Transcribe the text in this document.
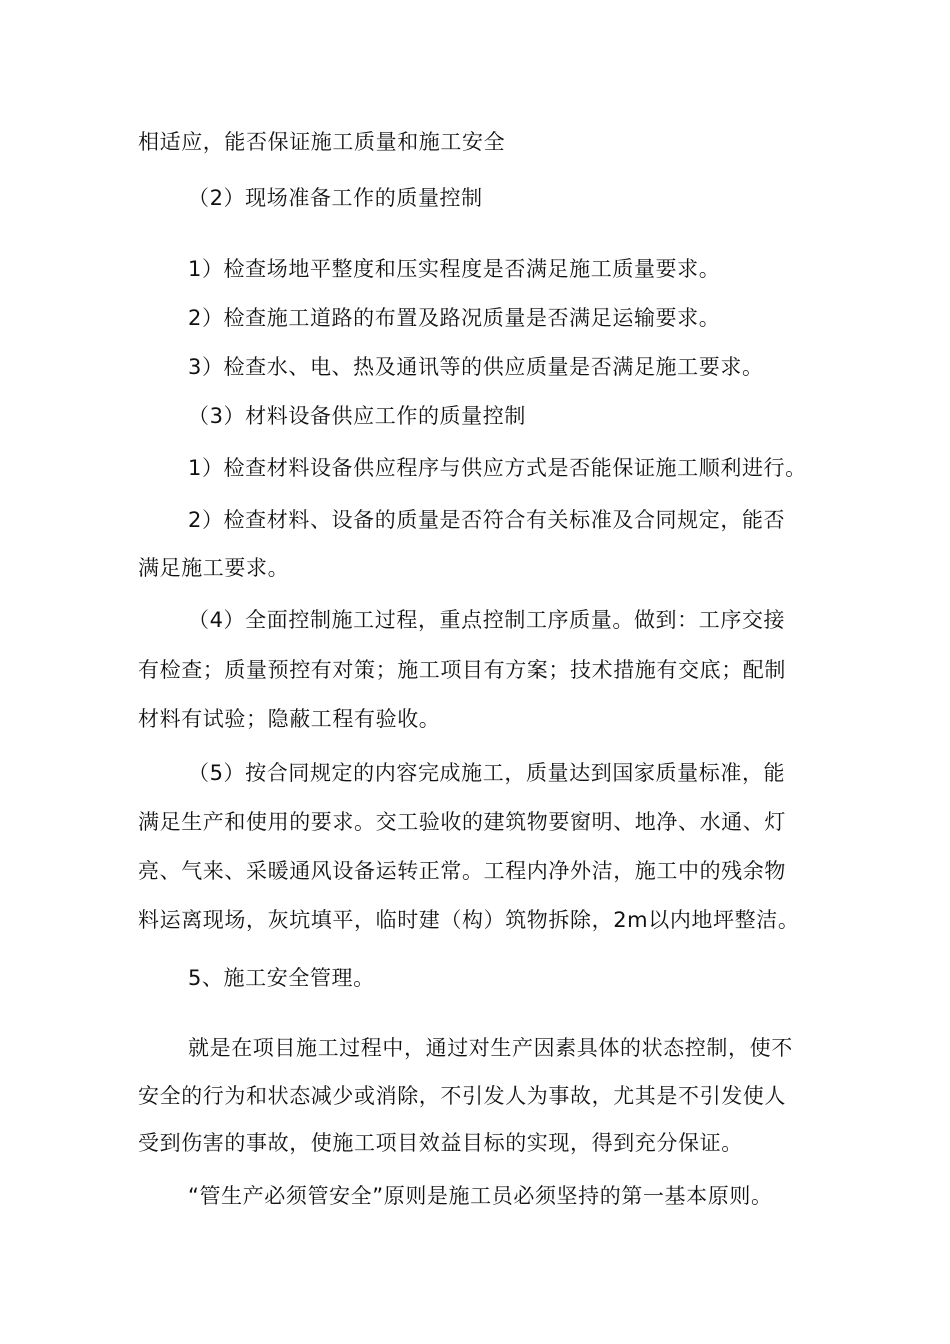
相适应，能否保证施工质量和施工安全
（2）现场准备工作的质量控制
1）检查场地平整度和压实程度是否满足施工质量要求。
2）检查施工道路的布置及路况质量是否满足运输要求。
3）检查水、电、热及通讯等的供应质量是否满足施工要求。
（3）材料设备供应工作的质量控制
1）检查材料设备供应程序与供应方式是否能保证施工顺利进行。
2）检查材料、设备的质量是否符合有关标准及合同规定，能否
满足施工要求。
（4）全面控制施工过程，重点控制工序质量。做到：工序交接
有检查；质量预控有对策；施工项目有方案；技术措施有交底；配制
材料有试验；隐蔽工程有验收。
（5）按合同规定的内容完成施工，质量达到国家质量标准，能
满足生产和使用的要求。交工验收的建筑物要窗明、地净、水通、灯
亮、气来、采暖通风设备运转正常。工程内净外洁，施工中的残余物
料运离现场，灰坑填平，临时建（构）筑物拆除，2m以内地坪整洁。
5、施工安全管理。
就是在项目施工过程中，通过对生产因素具体的状态控制，使不
安全的行为和状态减少或消除，不引发人为事故，尤其是不引发使人
受到伤害的事故，使施工项目效益目标的实现，得到充分保证。
“管生产必须管安全”原则是施工员必须坚持的第一基本原则。
